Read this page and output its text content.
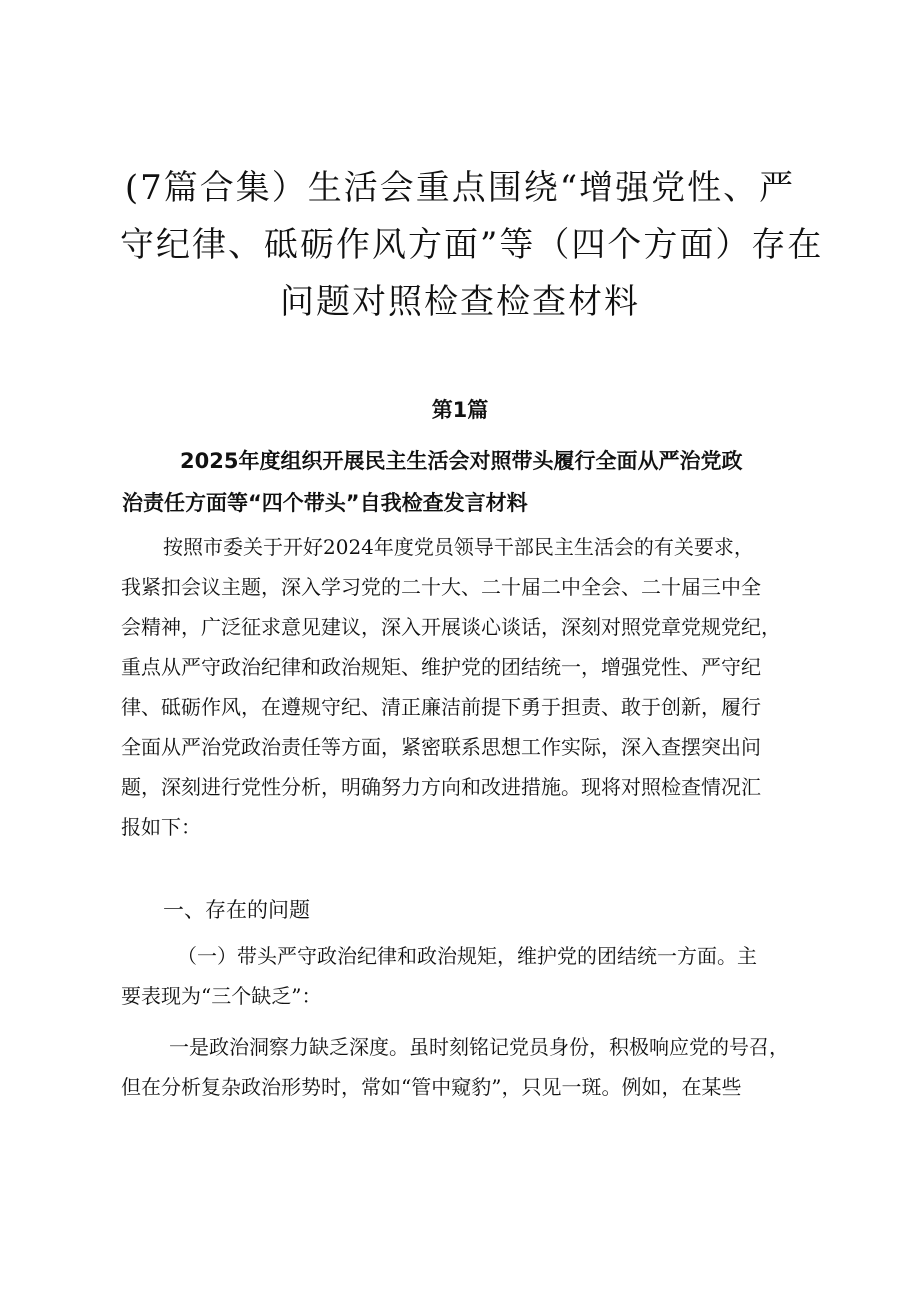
(7篇合集）生活会重点围绕“增强党性、严
守纪律、砥砺作风方面”等（四个方面）存在
问题对照检查检查材料
第1篇
2025年度组织开展民主生活会对照带头履行全面从严治党政
治责任方面等“四个带头”自我检查发言材料
按照市委关于开好2024年度党员领导干部民主生活会的有关要求，
我紧扣会议主题，深入学习党的二十大、二十届二中全会、二十届三中全
会精神，广泛征求意见建议，深入开展谈心谈话，深刻对照党章党规党纪，
重点从严守政治纪律和政治规矩、维护党的团结统一，增强党性、严守纪
律、砥砺作风，在遵规守纪、清正廉洁前提下勇于担责、敢于创新，履行
全面从严治党政治责任等方面，紧密联系思想工作实际，深入查摆突出问
题，深刻进行党性分析，明确努力方向和改进措施。现将对照检查情况汇
报如下：
一、存在的问题
（一）带头严守政治纪律和政治规矩，维护党的团结统一方面。主
要表现为“三个缺乏”：
一是政治洞察力缺乏深度。虽时刻铭记党员身份，积极响应党的号召，
但在分析复杂政治形势时，常如“管中窥豹”，只见一斑。例如，在某些
